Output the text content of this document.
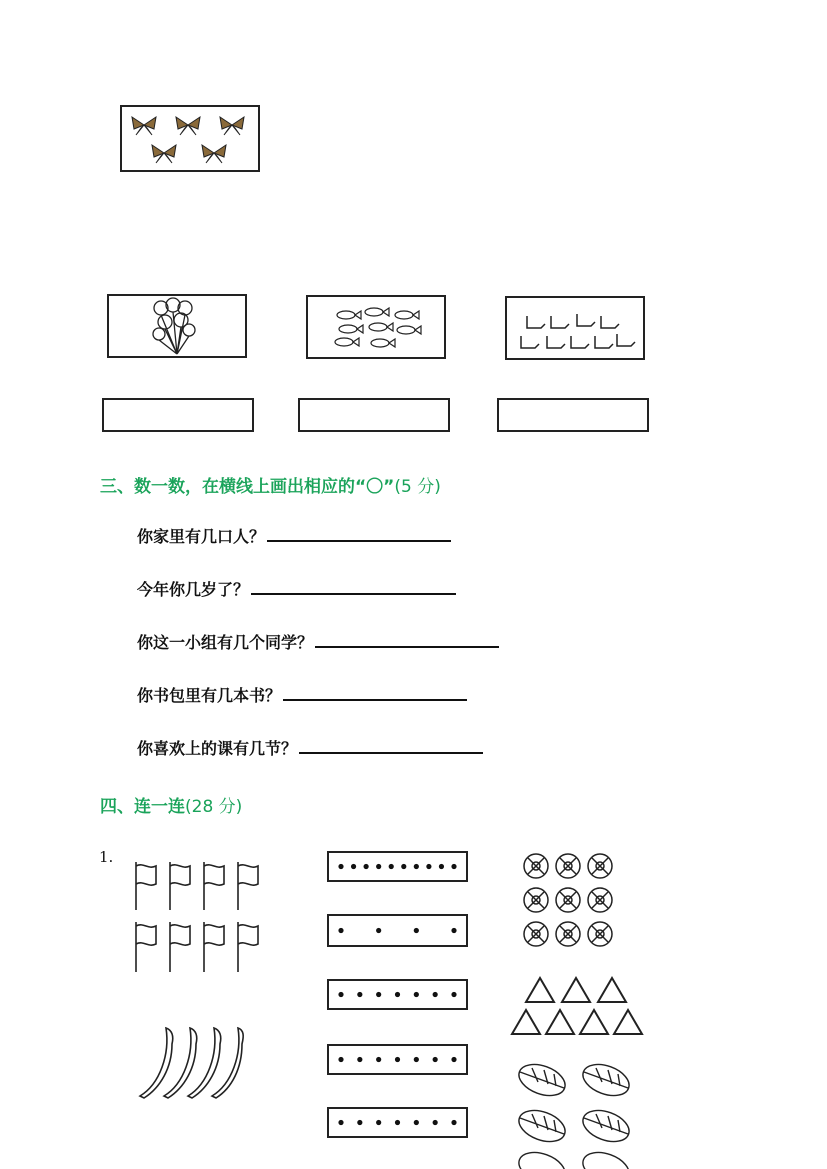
三、数一数，在横线上画出相应的“〇”(5 分)
你家里有几口人？
今年你几岁了？
你这一小组有几个同学？
你书包里有几本书？
你喜欢上的课有几节？
四、连一连(28 分)
1.
